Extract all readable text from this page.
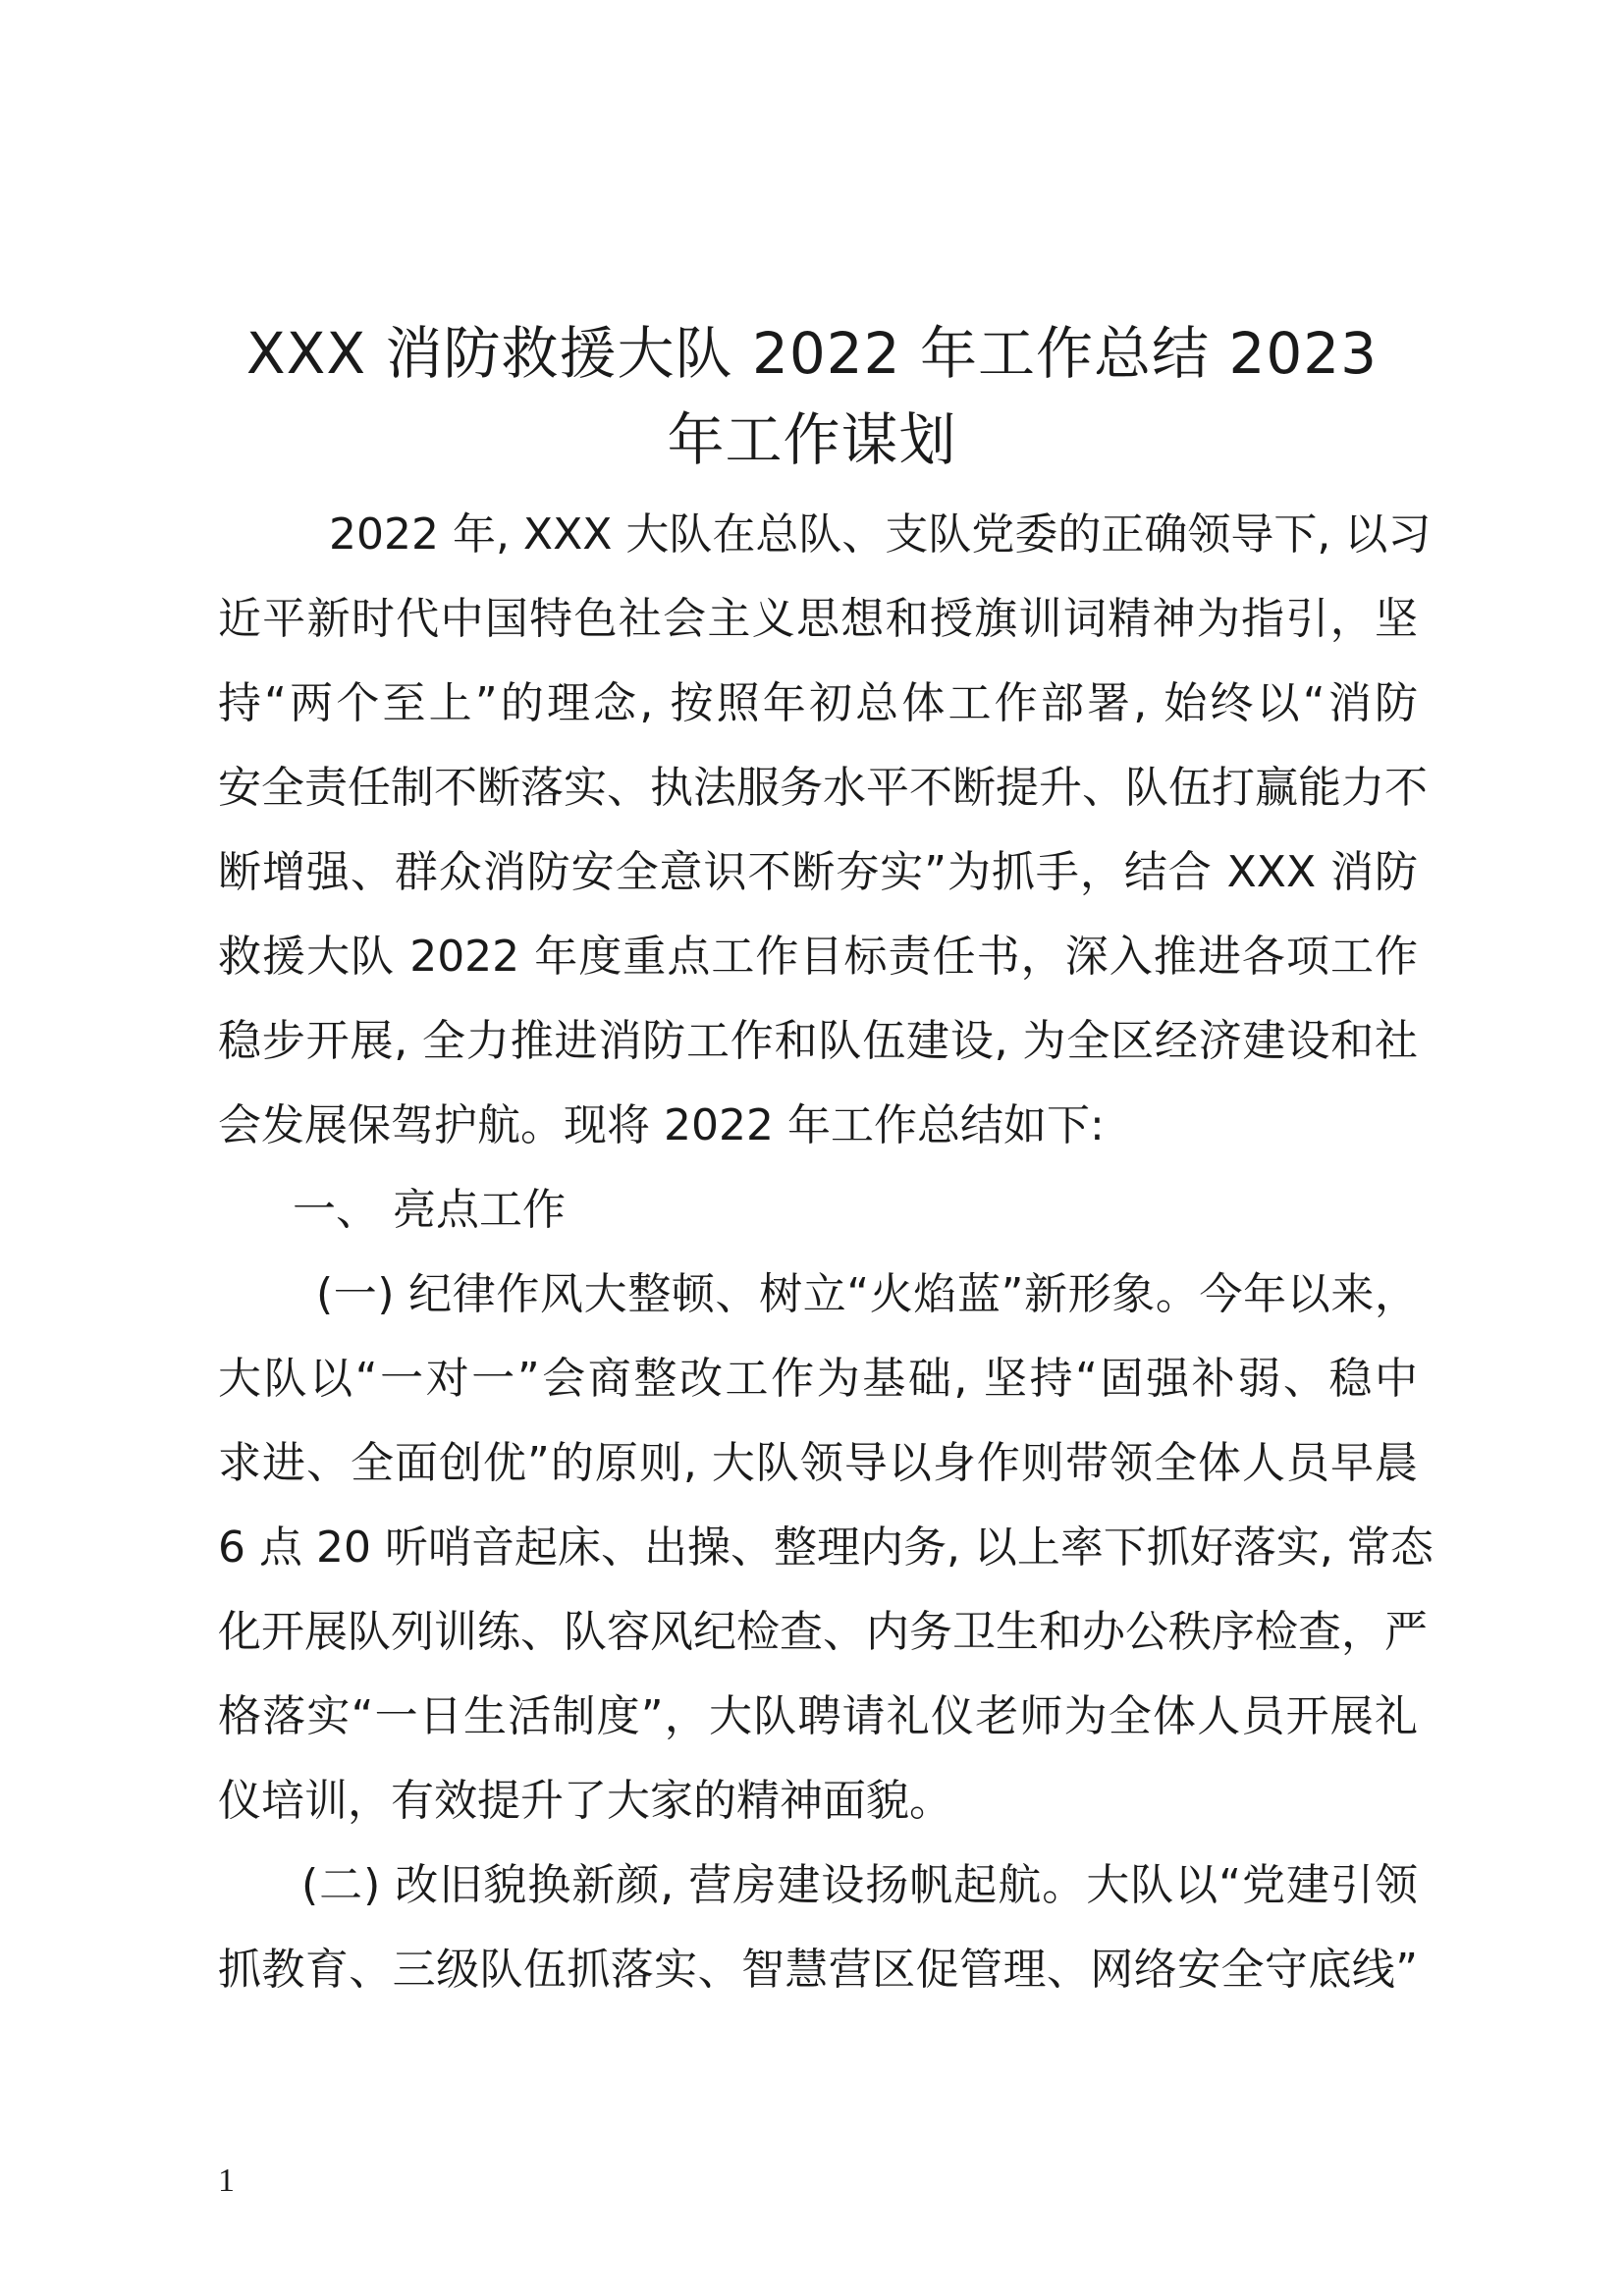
XXX 消防救援大队 2022 年工作总结 2023
年工作谋划

2022 年, XXX 大队在总队、支队党委的正确领导下, 以习

近平新时代中国特色社会主义思想和授旗训词精神为指引，坚

持“两个至上”的理念, 按照年初总体工作部署, 始终以“消防

安全责任制不断落实、执法服务水平不断提升、队伍打赢能力不

断增强、群众消防安全意识不断夯实”为抓手，结合 XXX 消防

救援大队 2022 年度重点工作目标责任书，深入推进各项工作

稳步开展, 全力推进消防工作和队伍建设, 为全区经济建设和社

会发展保驾护航。现将 2022 年工作总结如下:

一、 亮点工作

(一) 纪律作风大整顿、树立“火焰蓝”新形象。今年以来，

大队以“一对一”会商整改工作为基础, 坚持“固强补弱、稳中

求进、全面创优”的原则, 大队领导以身作则带领全体人员早晨

6 点 20 听哨音起床、出操、整理内务, 以上率下抓好落实, 常态

化开展队列训练、队容风纪检查、内务卫生和办公秩序检查，严

格落实“一日生活制度”，大队聘请礼仪老师为全体人员开展礼

仪培训，有效提升了大家的精神面貌。

(二) 改旧貌换新颜, 营房建设扬帆起航。大队以“党建引领

抓教育、三级队伍抓落实、智慧营区促管理、网络安全守底线”

1
